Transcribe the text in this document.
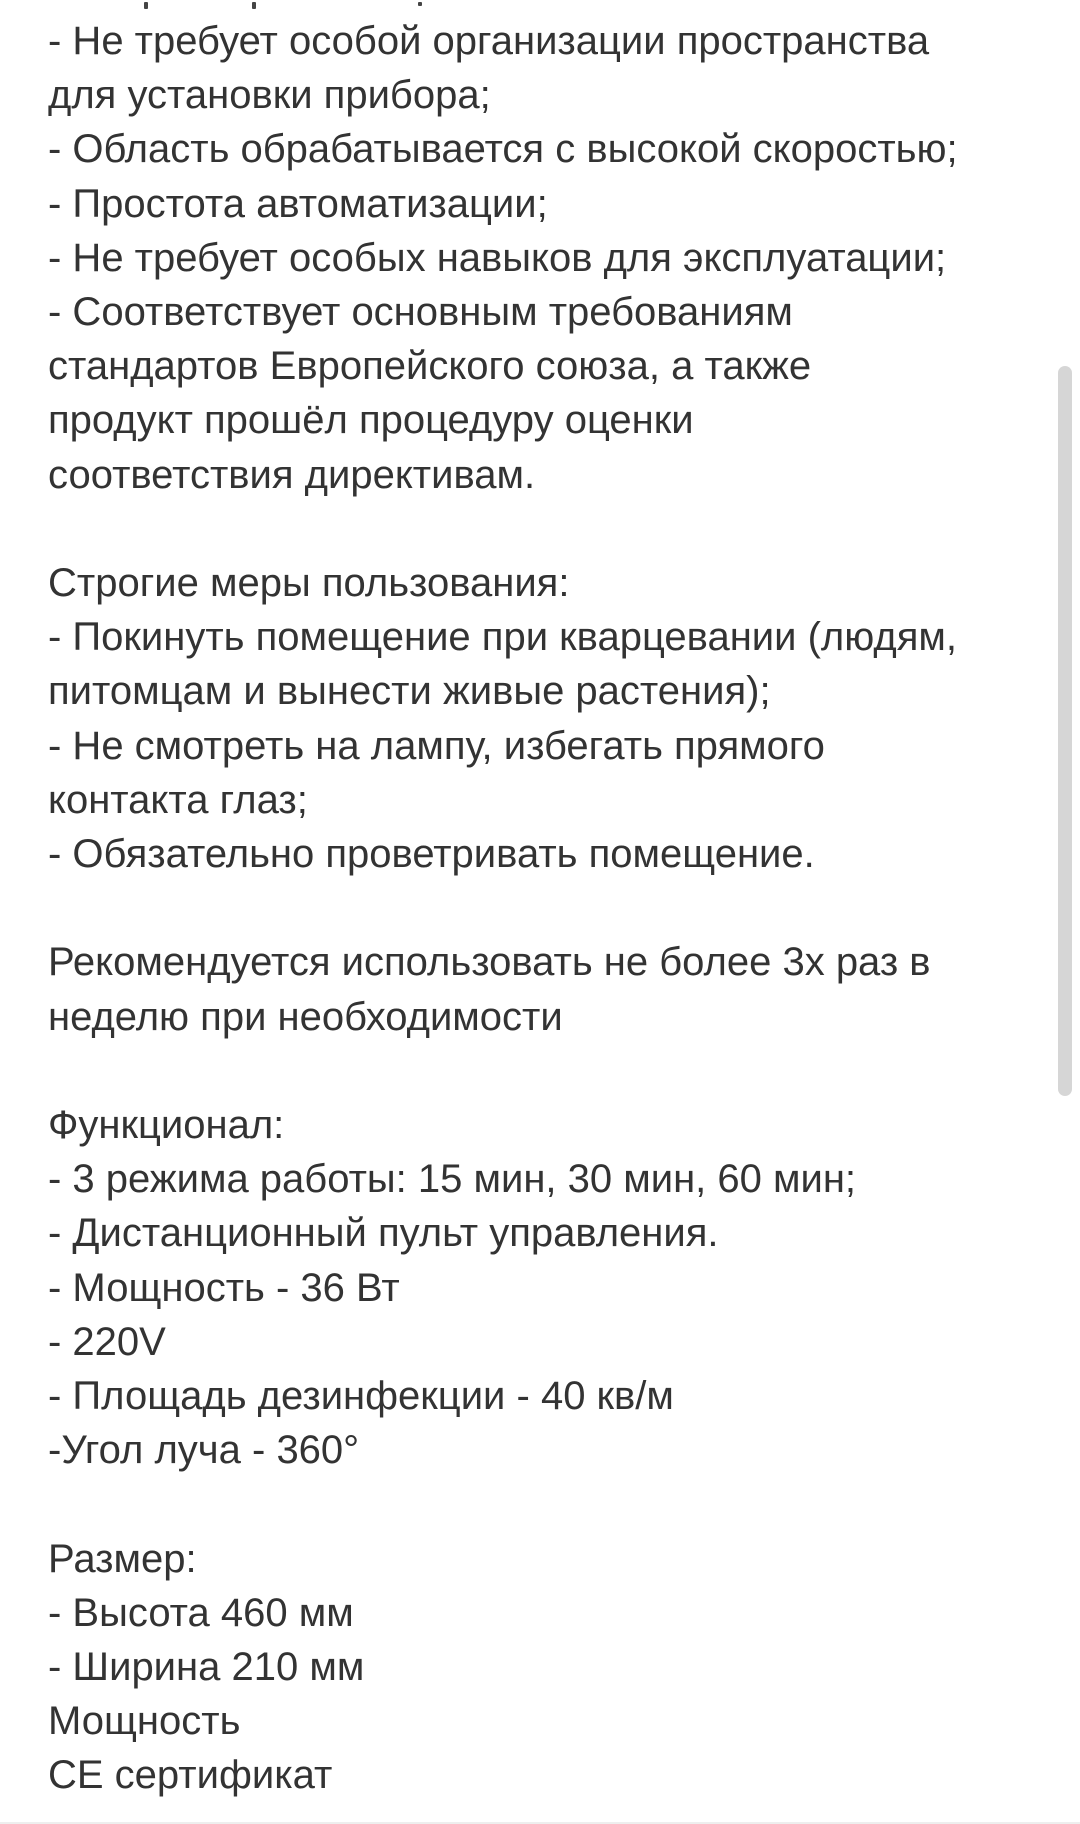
- Не требует особой организации пространства
для установки прибора;
- Область обрабатывается с высокой скоростью;
- Простота автоматизации;
- Не требует особых навыков для эксплуатации;
- Соответствует основным требованиям
стандартов Европейского союза, а также
продукт прошёл процедуру оценки
соответствия директивам.
Строгие меры пользования:
- Покинуть помещение при кварцевании (людям,
питомцам и вынести живые растения);
- Не смотреть на лампу, избегать прямого
контакта глаз;
- Обязательно проветривать помещение.
Рекомендуется использовать не более 3х раз в
неделю при необходимости
Функционал:
- 3 режима работы: 15 мин, 30 мин, 60 мин;
- Дистанционный пульт управления.
- Мощность - 36 Вт
- 220V
- Площадь дезинфекции - 40 кв/м
-Угол луча - 360°
Размер:
- Высота 460 мм
- Ширина 210 мм
Мощность
CE сертификат
